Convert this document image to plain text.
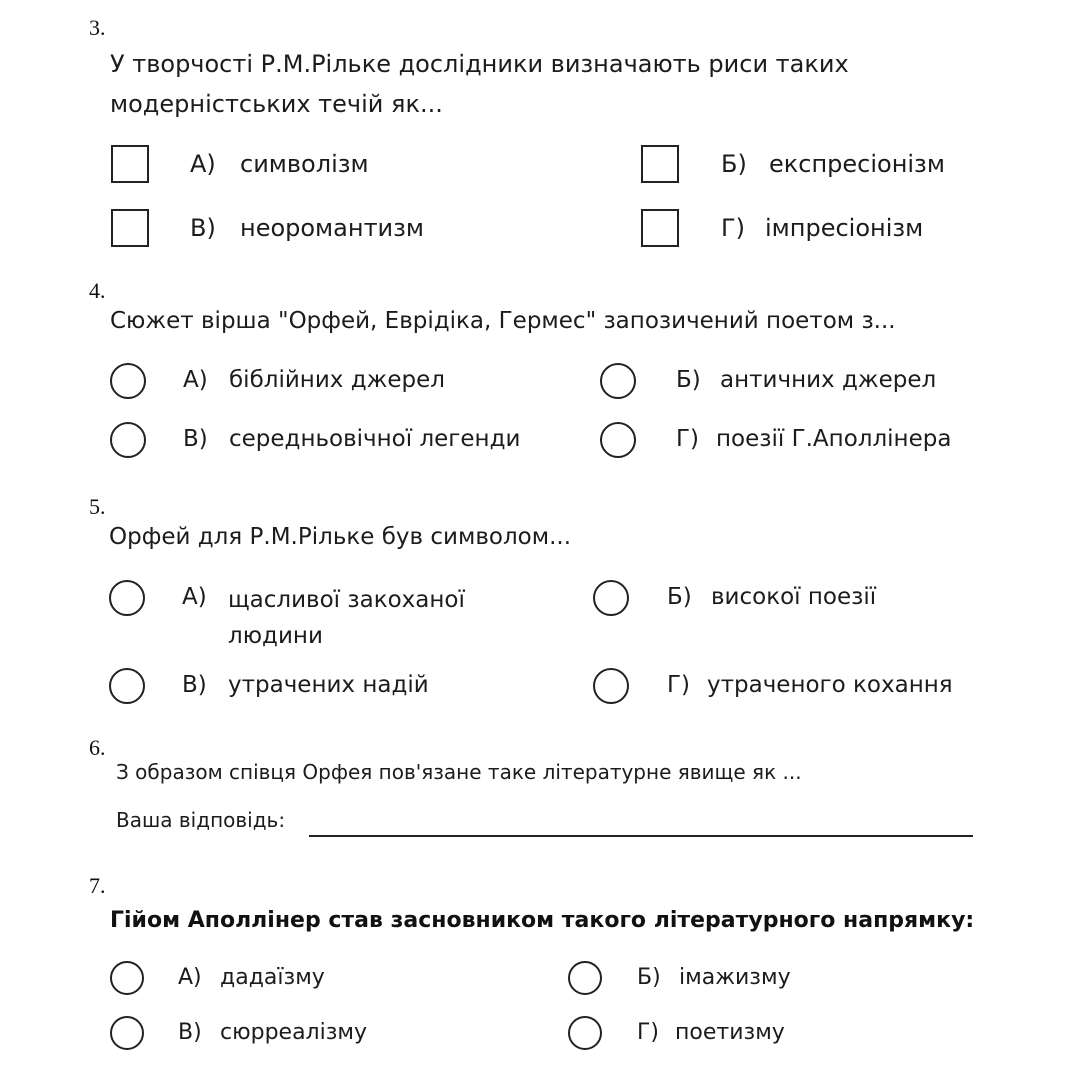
3.
У творчості Р.М.Рільке дослідники визначають риси таких модерністських течій як...
А) символізм	Б) експресіонізм
В) неоромантизм	Г) імпресіонізм
4.
Сюжет вірша "Орфей, Еврідіка, Гермес" запозичений поетом з...
А) біблійних джерел	Б) античних джерел
В) середньовічної легенди	Г) поезії Г.Аполлінера
5.
Орфей для Р.М.Рільке був символом...
А) щасливої закоханої людини
Б) високої поезії
В) утрачених надій	Г) утраченого кохання
6.
З образом співця Орфея пов'язане таке літературне явище як ...
Ваша відповідь:
7.
Гійом Аполлінер став засновником такого літературного напрямку:
А) дадаїзму	Б) імажизму
В) сюрреалізму	Г) поетизму
